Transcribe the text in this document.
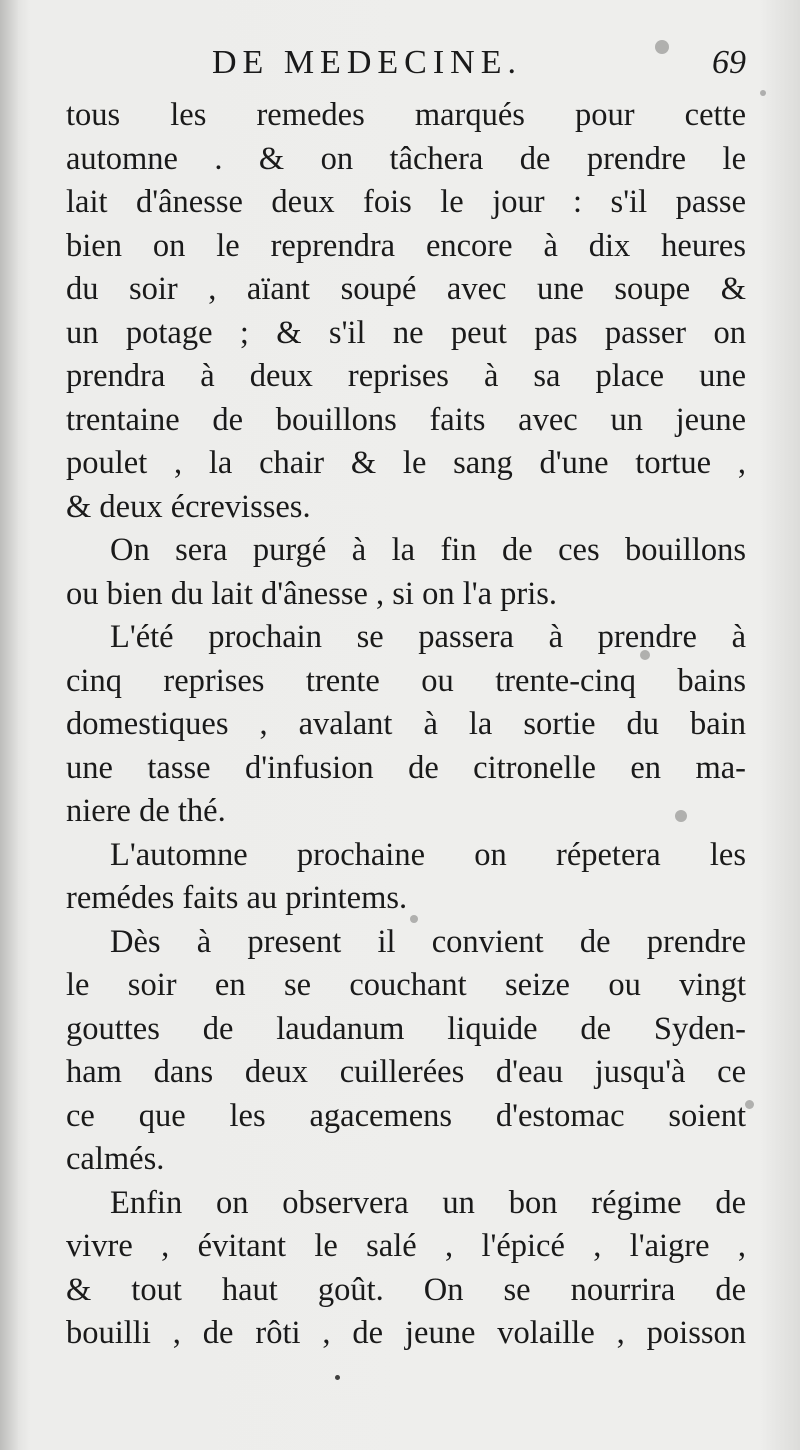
DE MEDECINE.	69
tous les remedes marqués pour cette
automne . & on tâchera de prendre le
lait d'ânesse deux fois le jour : s'il passe
bien on le reprendra encore à dix heures
du soir , aïant soupé avec une soupe &
un potage ; & s'il ne peut pas passer on
prendra à deux reprises à sa place une
trentaine de bouillons faits avec un jeune
poulet , la chair & le sang d'une tortue ,
& deux écrevisses.
On sera purgé à la fin de ces bouillons
ou bien du lait d'ânesse , si on l'a pris.
L'été prochain se passera à prendre à
cinq reprises trente ou trente-cinq bains
domestiques , avalant à la sortie du bain
une tasse d'infusion de citronelle en ma-
niere de thé.
L'automne prochaine on répetera les
remédes faits au printems.
Dès à present il convient de prendre
le soir en se couchant seize ou vingt
gouttes de laudanum liquide de Syden-
ham dans deux cuillerées d'eau jusqu'à ce
ce que les agacemens d'estomac soient
calmés.
Enfin on observera un bon régime de
vivre , évitant le salé , l'épicé , l'aigre ,
& tout haut goût. On se nourrira de
bouilli , de rôti , de jeune volaille , poisson
